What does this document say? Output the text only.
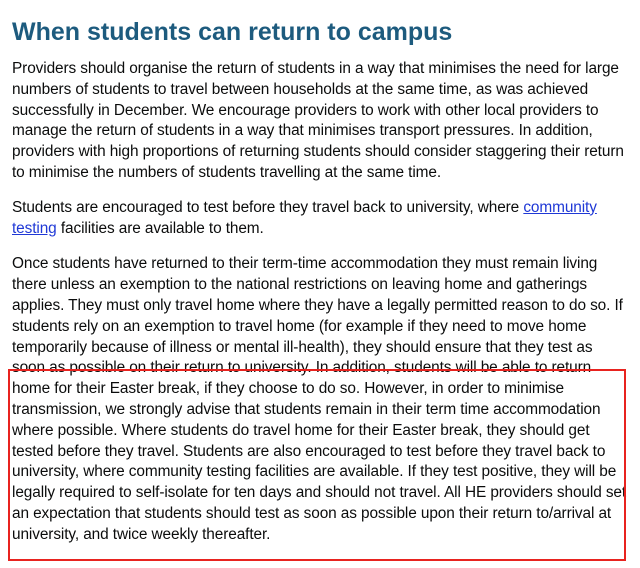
When students can return to campus

Providers should organise the return of students in a way that minimises the need for large numbers of students to travel between households at the same time, as was achieved successfully in December. We encourage providers to work with other local providers to manage the return of students in a way that minimises transport pressures. In addition, providers with high proportions of returning students should consider staggering their return to minimise the numbers of students travelling at the same time.

Students are encouraged to test before they travel back to university, where community testing facilities are available to them.

Once students have returned to their term-time accommodation they must remain living there unless an exemption to the national restrictions on leaving home and gatherings applies. They must only travel home where they have a legally permitted reason to do so. If students rely on an exemption to travel home (for example if they need to move home temporarily because of illness or mental ill-health), they should ensure that they test as soon as possible on their return to university. In addition, students will be able to return home for their Easter break, if they choose to do so. However, in order to minimise transmission, we strongly advise that students remain in their term time accommodation where possible. Where students do travel home for their Easter break, they should get tested before they travel. Students are also encouraged to test before they travel back to university, where community testing facilities are available. If they test positive, they will be legally required to self-isolate for ten days and should not travel. All HE providers should set an expectation that students should test as soon as possible upon their return to/arrival at university, and twice weekly thereafter.
